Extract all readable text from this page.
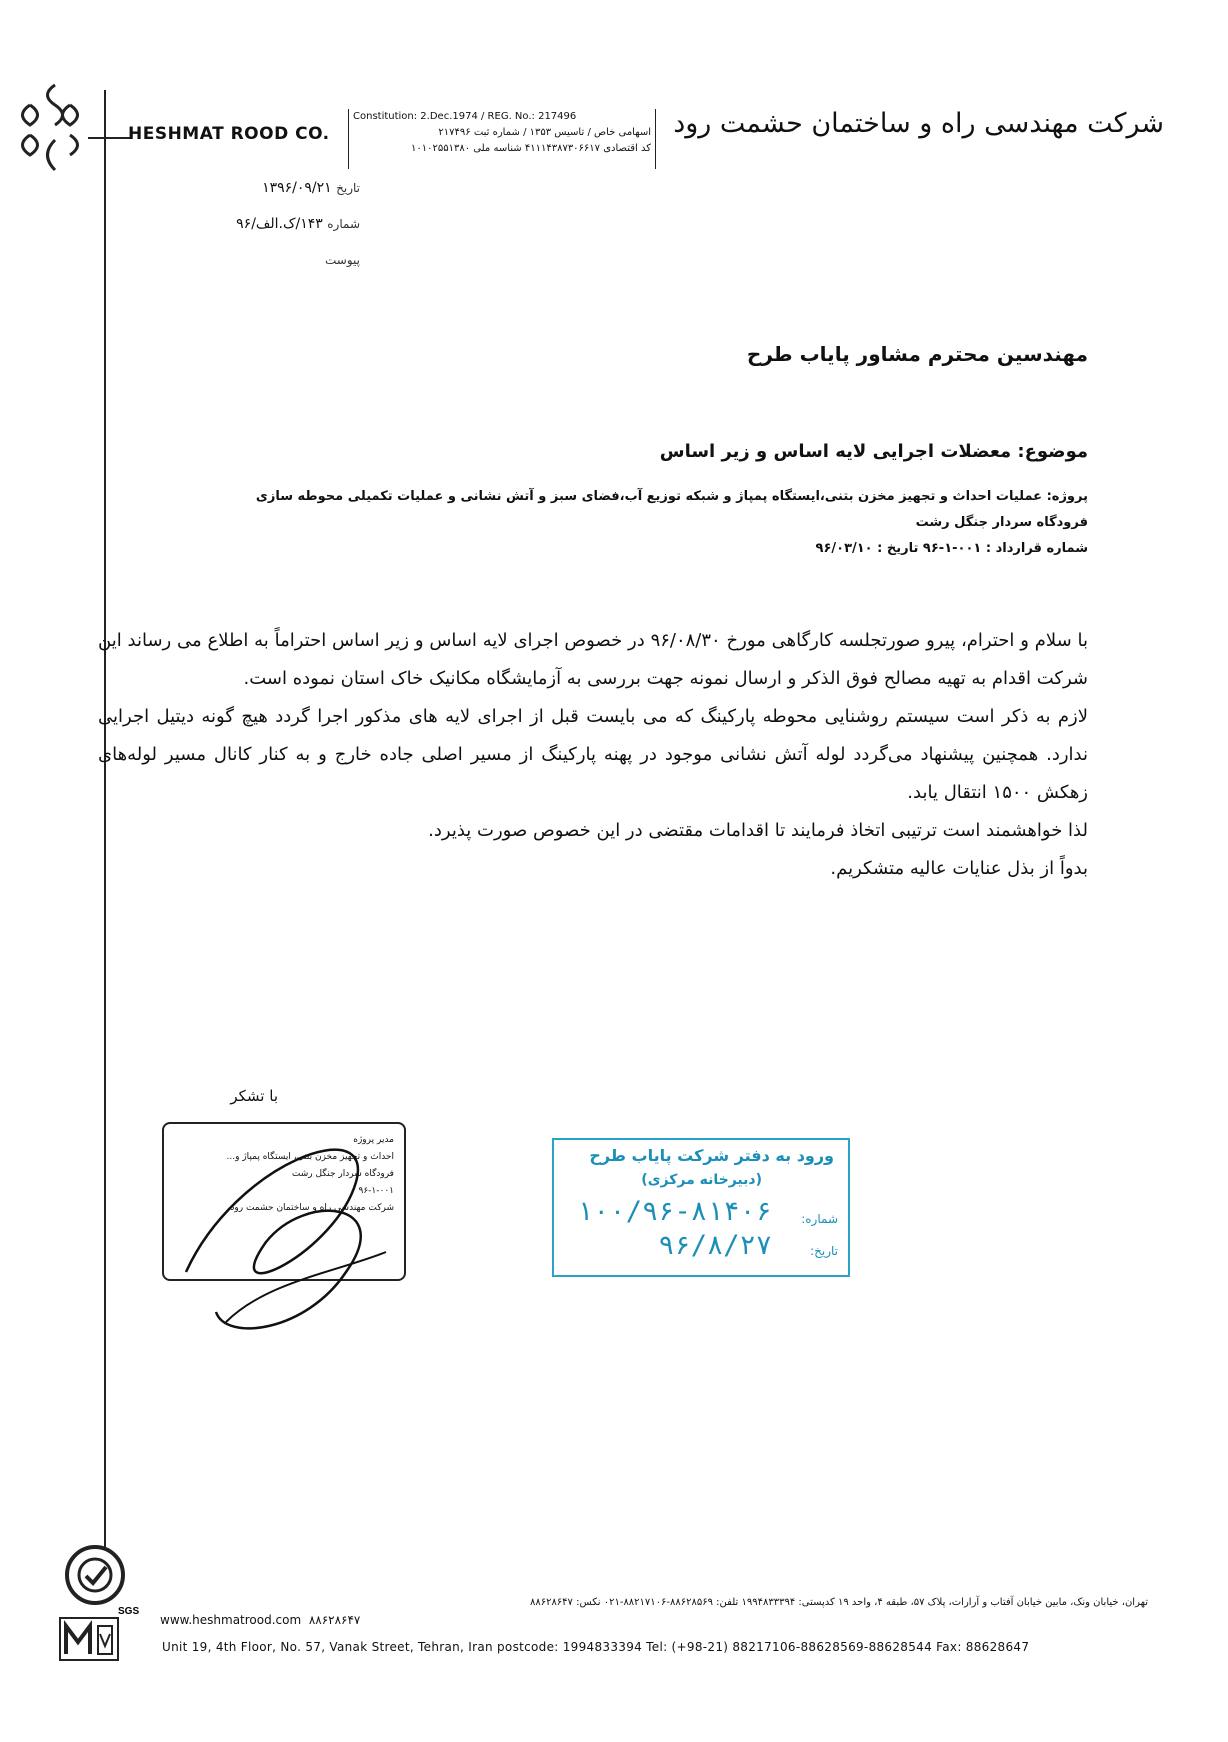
HESHMAT ROOD CO.
Constitution: 2.Dec.1974 / REG. No.: 217496
اسهامی خاص / تاسیس ۱۳۵۳ / شماره ثبت ۲۱۷۴۹۶
کد اقتصادی ۴۱۱۱۴۳۸۷۳۰۶۶۱۷ شناسه ملی ۱۰۱۰۲۵۵۱۳۸۰
شرکت مهندسی راه و ساختمان حشمت رود
تاریخ ۱۳۹۶/۰۹/۲۱
شماره ۱۴۳/ک.الف/۹۶
پیوست
مهندسین محترم مشاور پایاب طرح
موضوع: معضلات اجرایی لایه اساس و زیر اساس
پروژه: عملیات احداث و تجهیز مخزن بتنی،ایستگاه پمپاژ و شبکه توزیع آب،فضای سبز و آتش نشانی و عملیات تکمیلی محوطه سازی
فرودگاه سردار جنگل رشت
شماره قرارداد : ۰۰۱-۱-۹۶ تاریخ : ۹۶/۰۳/۱۰

با سلام و احترام، پیرو صورتجلسه کارگاهی مورخ ۹۶/۰۸/۳۰ در خصوص اجرای لایه اساس و زیر اساس احتراماً به اطلاع می رساند این شرکت اقدام به تهیه مصالح فوق الذکر و ارسال نمونه جهت بررسی به آزمایشگاه مکانیک خاک استان نموده است.

لازم به ذکر است سیستم روشنایی محوطه پارکینگ که می بایست قبل از اجرای لایه های مذکور اجرا گردد هیچ گونه دیتیل اجرایی ندارد. همچنین پیشنهاد می‌گردد لوله آتش نشانی موجود در پهنه پارکینگ از مسیر اصلی جاده خارج و به کنار کانال مسیر لوله‌های زهکش ۱۵۰۰ انتقال یابد.

لذا خواهشمند است ترتیبی اتخاذ فرمایند تا اقدامات مقتضی در این خصوص صورت پذیرد.

بدواً از بذل عنایات عالیه متشکریم.

با تشکر
مدیر پروژه
احداث و تجهیز مخزن بتنی، ایستگاه پمپاژ و...
فرودگاه سردار جنگل رشت
۹۶-۱-۰۰۱
شرکت مهندسی راه و ساختمان حشمت رود
ورود به دفتر شرکت پایاب طرح
(دبیرخانه مرکزی)
شماره:
۱۰۰/۹۶-۸۱۴۰۶
تاریخ:
۹۶/۸/۲۷
SGS
تهران، خیابان ونک، مابین خیابان آفتاب و آرارات، پلاک ۵۷، طبقه ۴، واحد ۱۹ کدپستی: ۱۹۹۴۸۳۳۳۹۴ تلفن: ۸۸۶۲۸۵۶۹-۸۸۲۱۷۱۰۶-۰۲۱ نکس: ۸۸۶۲۸۶۴۷
www.heshmatrood.com ۸۸۶۲۸۶۴۷
Unit 19, 4th Floor, No. 57, Vanak Street, Tehran, Iran postcode: 1994833394 Tel: (+98-21) 88217106-88628569-88628544 Fax: 88628647
